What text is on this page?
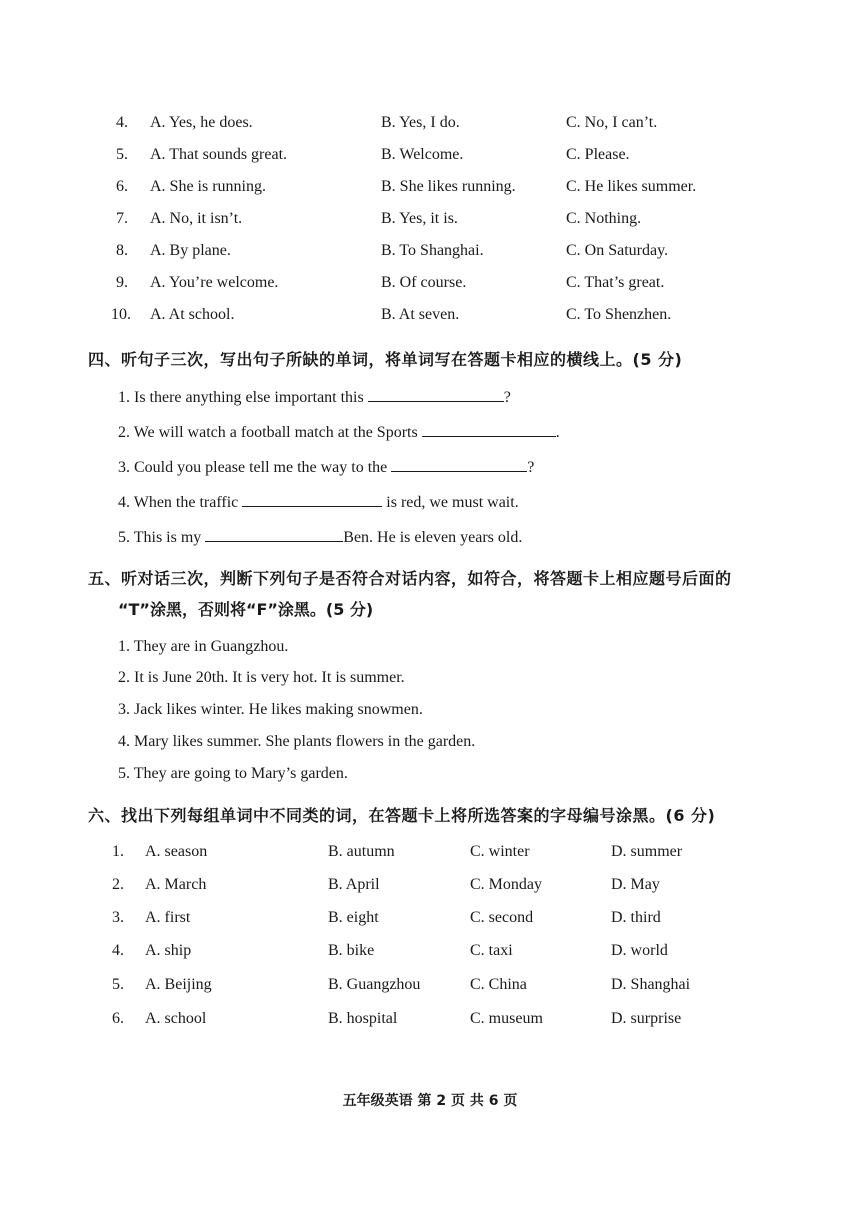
4. A. Yes, he does.	B. Yes, I do.	C. No, I can’t.
5. A. That sounds great.	B. Welcome.	C. Please.
6. A. She is running.	B. She likes running.	C. He likes summer.
7. A. No, it isn’t.	B. Yes, it is.	C. Nothing.
8. A. By plane.	B. To Shanghai.	C. On Saturday.
9. A. You’re welcome.	B. Of course.	C. That’s great.
10. A. At school.	B. At seven.	C. To Shenzhen.
四、听句子三次，写出句子所缺的单词，将单词写在答题卡相应的横线上。(5 分)
1. Is there anything else important this	?
2. We will watch a football match at the Sports	.
3. Could you please tell me the way to the	?
4. When the traffic	is red, we must wait.
5. This is my	Ben. He is eleven years old.
五、听对话三次，判断下列句子是否符合对话内容，如符合，将答题卡上相应题号后面的
“T”涂黑，否则将“F”涂黑。(5 分)
1. They are in Guangzhou.
2. It is June 20th. It is very hot. It is summer.
3. Jack likes winter. He likes making snowmen.
4. Mary likes summer. She plants flowers in the garden.
5. They are going to Mary’s garden.
六、找出下列每组单词中不同类的词，在答题卡上将所选答案的字母编号涂黑。(6 分)
1. A. season	B. autumn	C. winter	D. summer
2. A. March	B. April	C. Monday	D. May
3. A. first	B. eight	C. second	D. third
4. A. ship	B. bike	C. taxi	D. world
5. A. Beijing	B. Guangzhou	C. China	D. Shanghai
6. A. school	B. hospital	C. museum	D. surprise
五年级英语 第 2 页 共 6 页
